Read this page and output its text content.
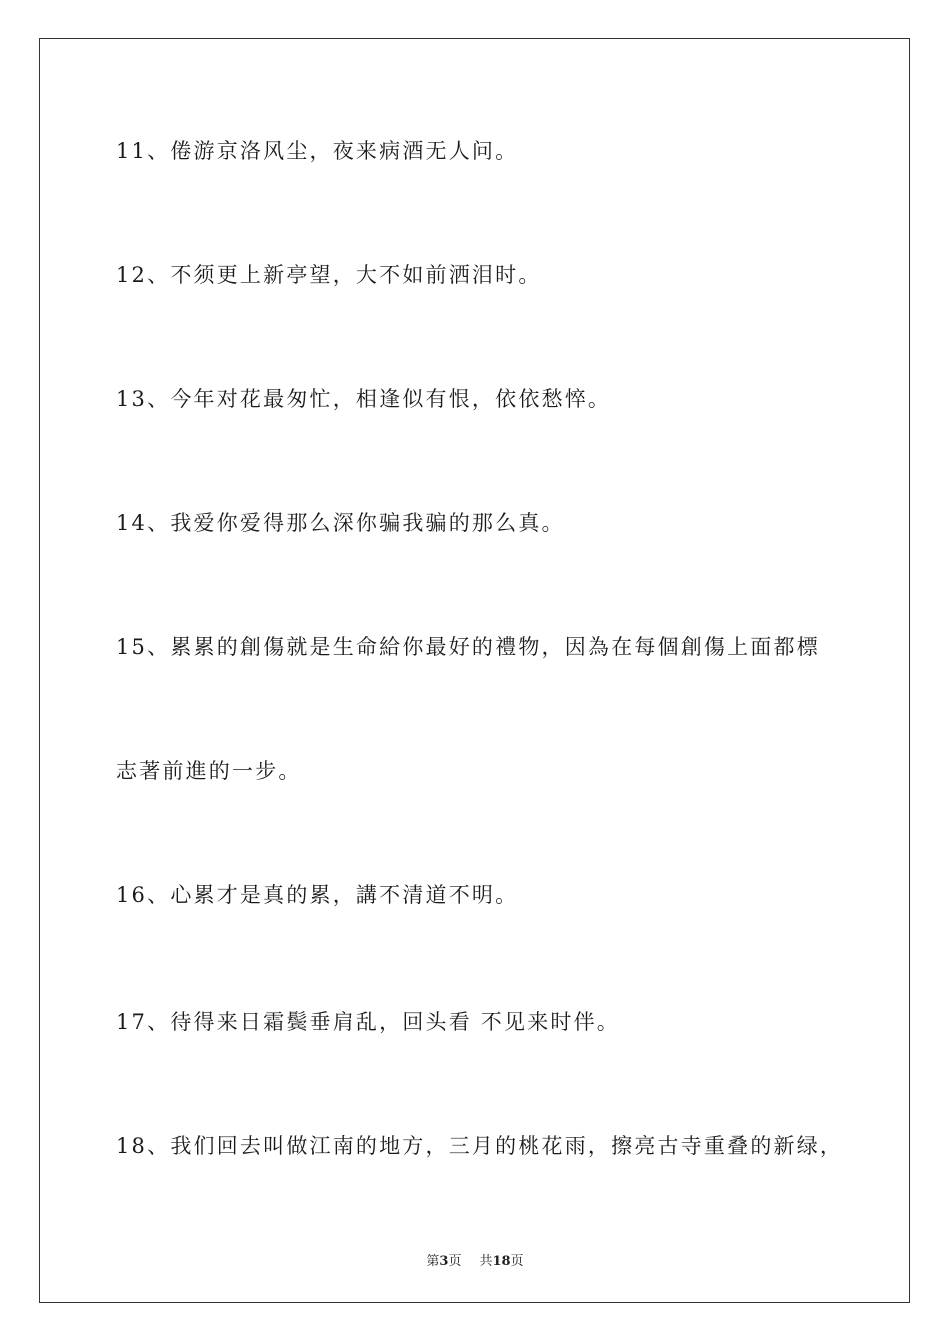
11、倦游京洛风尘，夜来病酒无人问。
12、不须更上新亭望，大不如前洒泪时。
13、今年对花最匆忙，相逢似有恨，依依愁悴。
14、我爱你爱得那么深你骗我骗的那么真。
15、累累的創傷就是生命給你最好的禮物，因為在每個創傷上面都標
志著前進的一步。
16、心累才是真的累，講不清道不明。
17、待得来日霜鬓垂肩乱，回头看 不见来时伴。
18、我们回去叫做江南的地方，三月的桃花雨，擦亮古寺重叠的新绿，
第3页 共18页
